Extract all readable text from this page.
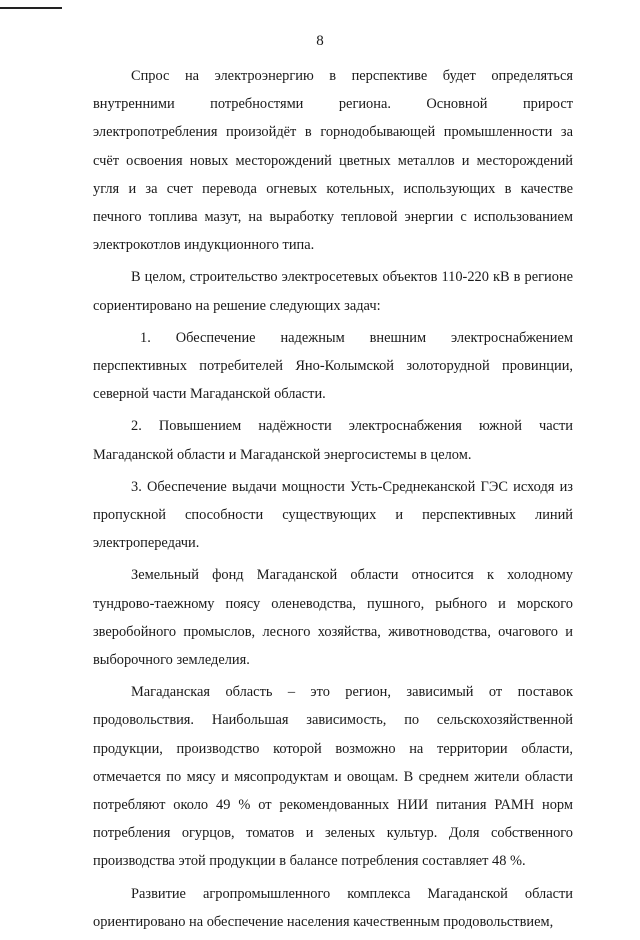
8

Спрос на электроэнергию в перспективе будет определяться внутренними потребностями региона. Основной прирост электропотребления произойдёт в горнодобывающей промышленности за счёт освоения новых месторождений цветных металлов и месторождений угля и за счет перевода огневых котельных, использующих в качестве печного топлива мазут, на выработку тепловой энергии с использованием электрокотлов индукционного типа.

В целом, строительство электросетевых объектов 110-220 кВ в регионе сориентировано на решение следующих задач:

1. Обеспечение надежным внешним электроснабжением перспективных потребителей Яно-Колымской золоторудной провинции, северной части Магаданской области.

2. Повышением надёжности электроснабжения южной части Магаданской области и Магаданской энергосистемы в целом.

3. Обеспечение выдачи мощности Усть-Среднеканской ГЭС исходя из пропускной способности существующих и перспективных линий электропередачи.

Земельный фонд Магаданской области относится к холодному тундрово-таежному поясу оленеводства, пушного, рыбного и морского зверобойного промыслов, лесного хозяйства, животноводства, очагового и выборочного земледелия.

Магаданская область – это регион, зависимый от поставок продовольствия. Наибольшая зависимость, по сельскохозяйственной продукции, производство которой возможно на территории области, отмечается по мясу и мясопродуктам и овощам. В среднем жители области потребляют около 49 % от рекомендованных НИИ питания РАМН норм потребления огурцов, томатов и зеленых культур. Доля собственного производства этой продукции в балансе потребления составляет 48 %.

Развитие агропромышленного комплекса Магаданской области ориентировано на обеспечение населения качественным продовольствием,
